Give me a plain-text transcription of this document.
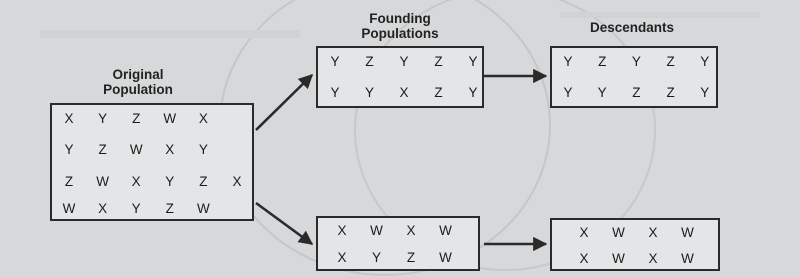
Original
Population
Founding
Populations	Descendants
X	Y	Z	W	X
Y	Z	W	X	Y
Z	W	X	Y	Z	X
W	X	Y	Z	W
Y	Z	Y	Z	Y
Y	Y	X	Z	Y
X	W	X	W
X	Y	Z	W
Y	Z	Y	Z	Y
Y	Y	Z	Z	Y
X	W	X	W
X	W	X	W
